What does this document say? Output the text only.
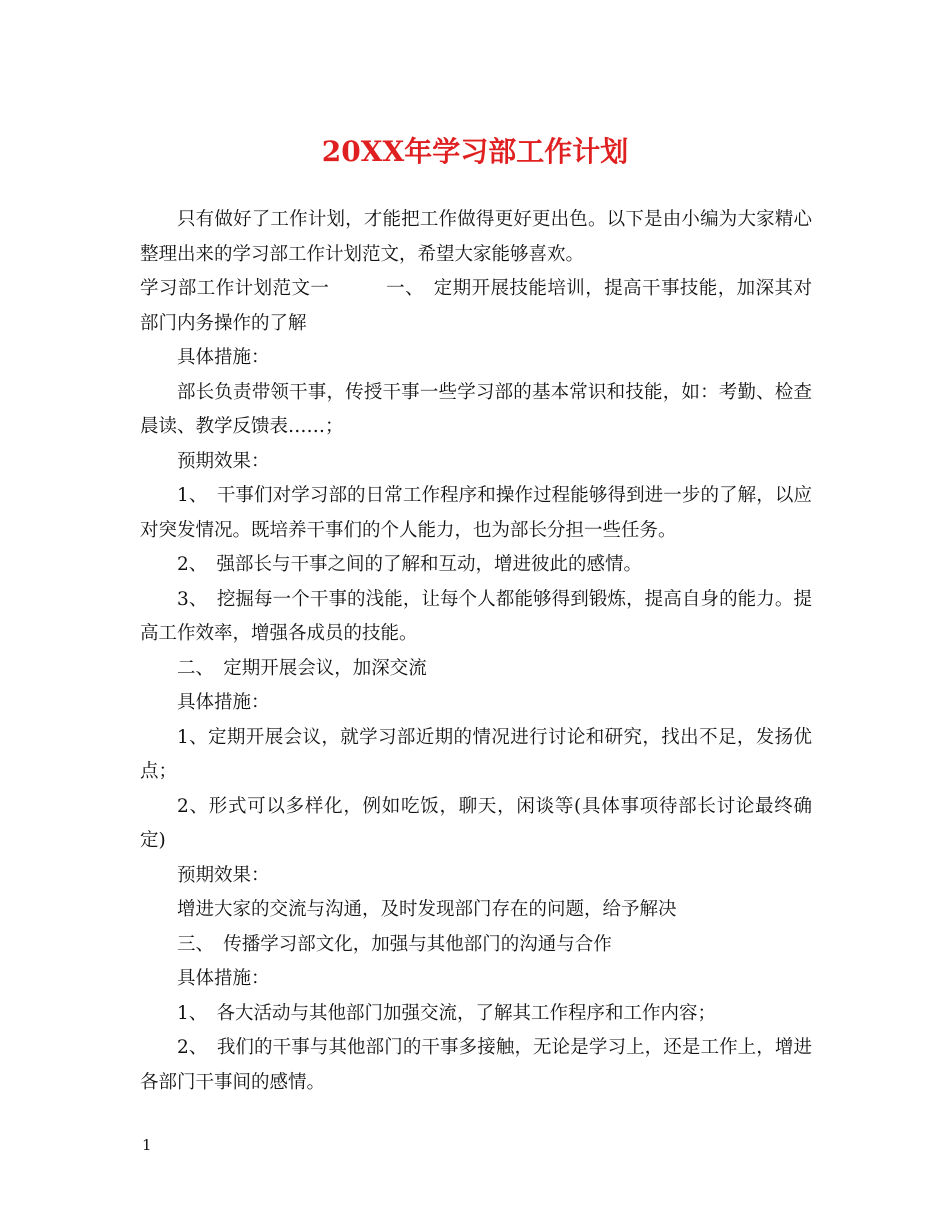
20XX年学习部工作计划

只有做好了工作计划，才能把工作做得更好更出色。以下是由小编为大家精心整理出来的学习部工作计划范文，希望大家能够喜欢。

学习部工作计划范文一　　　一、　定期开展技能培训，提高干事技能，加深其对部门内务操作的了解

具体措施：

部长负责带领干事，传授干事一些学习部的基本常识和技能，如：考勤、检查晨读、教学反馈表……；

预期效果：

1、　干事们对学习部的日常工作程序和操作过程能够得到进一步的了解，以应对突发情况。既培养干事们的个人能力，也为部长分担一些任务。

2、　强部长与干事之间的了解和互动，增进彼此的感情。

3、　挖掘每一个干事的浅能，让每个人都能够得到锻炼，提高自身的能力。提高工作效率，增强各成员的技能。

二、　定期开展会议，加深交流

具体措施：

1、定期开展会议，就学习部近期的情况进行讨论和研究，找出不足，发扬优点；

2、形式可以多样化，例如吃饭，聊天，闲谈等(具体事项待部长讨论最终确定)

预期效果：

增进大家的交流与沟通，及时发现部门存在的问题，给予解决

三、　传播学习部文化，加强与其他部门的沟通与合作

具体措施：

1、　各大活动与其他部门加强交流，了解其工作程序和工作内容；

2、　我们的干事与其他部门的干事多接触，无论是学习上，还是工作上，增进各部门干事间的感情。

1
